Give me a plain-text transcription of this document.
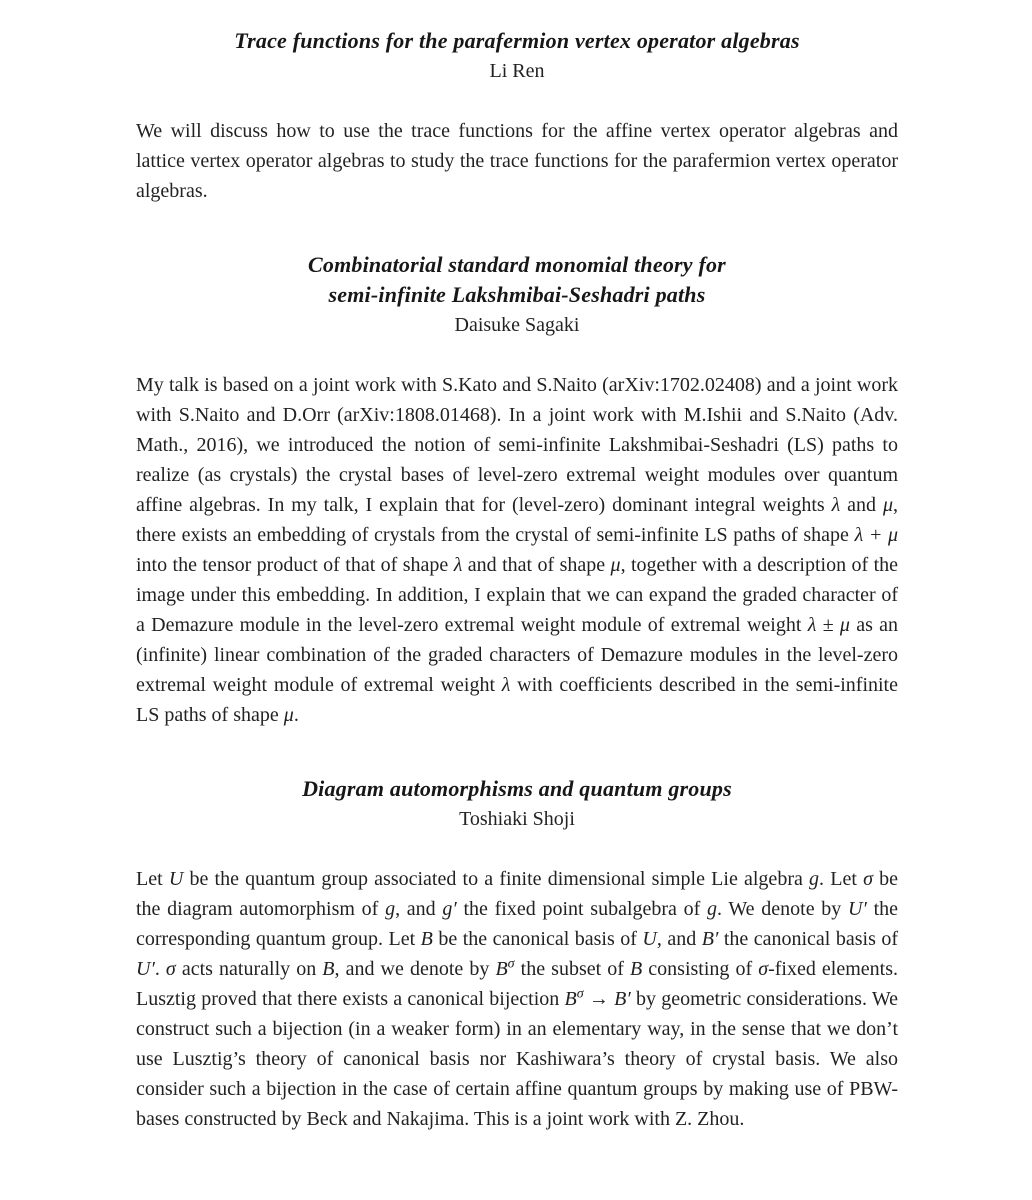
Trace functions for the parafermion vertex operator algebras
Li Ren

We will discuss how to use the trace functions for the affine vertex operator algebras and lattice vertex operator algebras to study the trace functions for the parafermion vertex operator algebras.

Combinatorial standard monomial theory for
semi-infinite Lakshmibai-Seshadri paths
Daisuke Sagaki

My talk is based on a joint work with S.Kato and S.Naito (arXiv:1702.02408) and a joint work with S.Naito and D.Orr (arXiv:1808.01468). In a joint work with M.Ishii and S.Naito (Adv. Math., 2016), we introduced the notion of semi-infinite Lakshmibai-Seshadri (LS) paths to realize (as crystals) the crystal bases of level-zero extremal weight modules over quantum affine algebras. In my talk, I explain that for (level-zero) dominant integral weights λ and μ, there exists an embedding of crystals from the crystal of semi-infinite LS paths of shape λ + μ into the tensor product of that of shape λ and that of shape μ, together with a description of the image under this embedding. In addition, I explain that we can expand the graded character of a Demazure module in the level-zero extremal weight module of extremal weight λ ± μ as an (infinite) linear combination of the graded characters of Demazure modules in the level-zero extremal weight module of extremal weight λ with coefficients described in the semi-infinite LS paths of shape μ.

Diagram automorphisms and quantum groups
Toshiaki Shoji

Let U be the quantum group associated to a finite dimensional simple Lie algebra g. Let σ be the diagram automorphism of g, and g′ the fixed point subalgebra of g. We denote by U′ the corresponding quantum group. Let B be the canonical basis of U, and B′ the canonical basis of U′. σ acts naturally on B, and we denote by $B^\sigma$ the subset of B consisting of σ-fixed elements. Lusztig proved that there exists a canonical bijection $B^\sigma \to B'$ by geometric considerations. We construct such a bijection (in a weaker form) in an elementary way, in the sense that we don’t use Lusztig’s theory of canonical basis nor Kashiwara’s theory of crystal basis. We also consider such a bijection in the case of certain affine quantum groups by making use of PBW-bases constructed by Beck and Nakajima. This is a joint work with Z. Zhou.
